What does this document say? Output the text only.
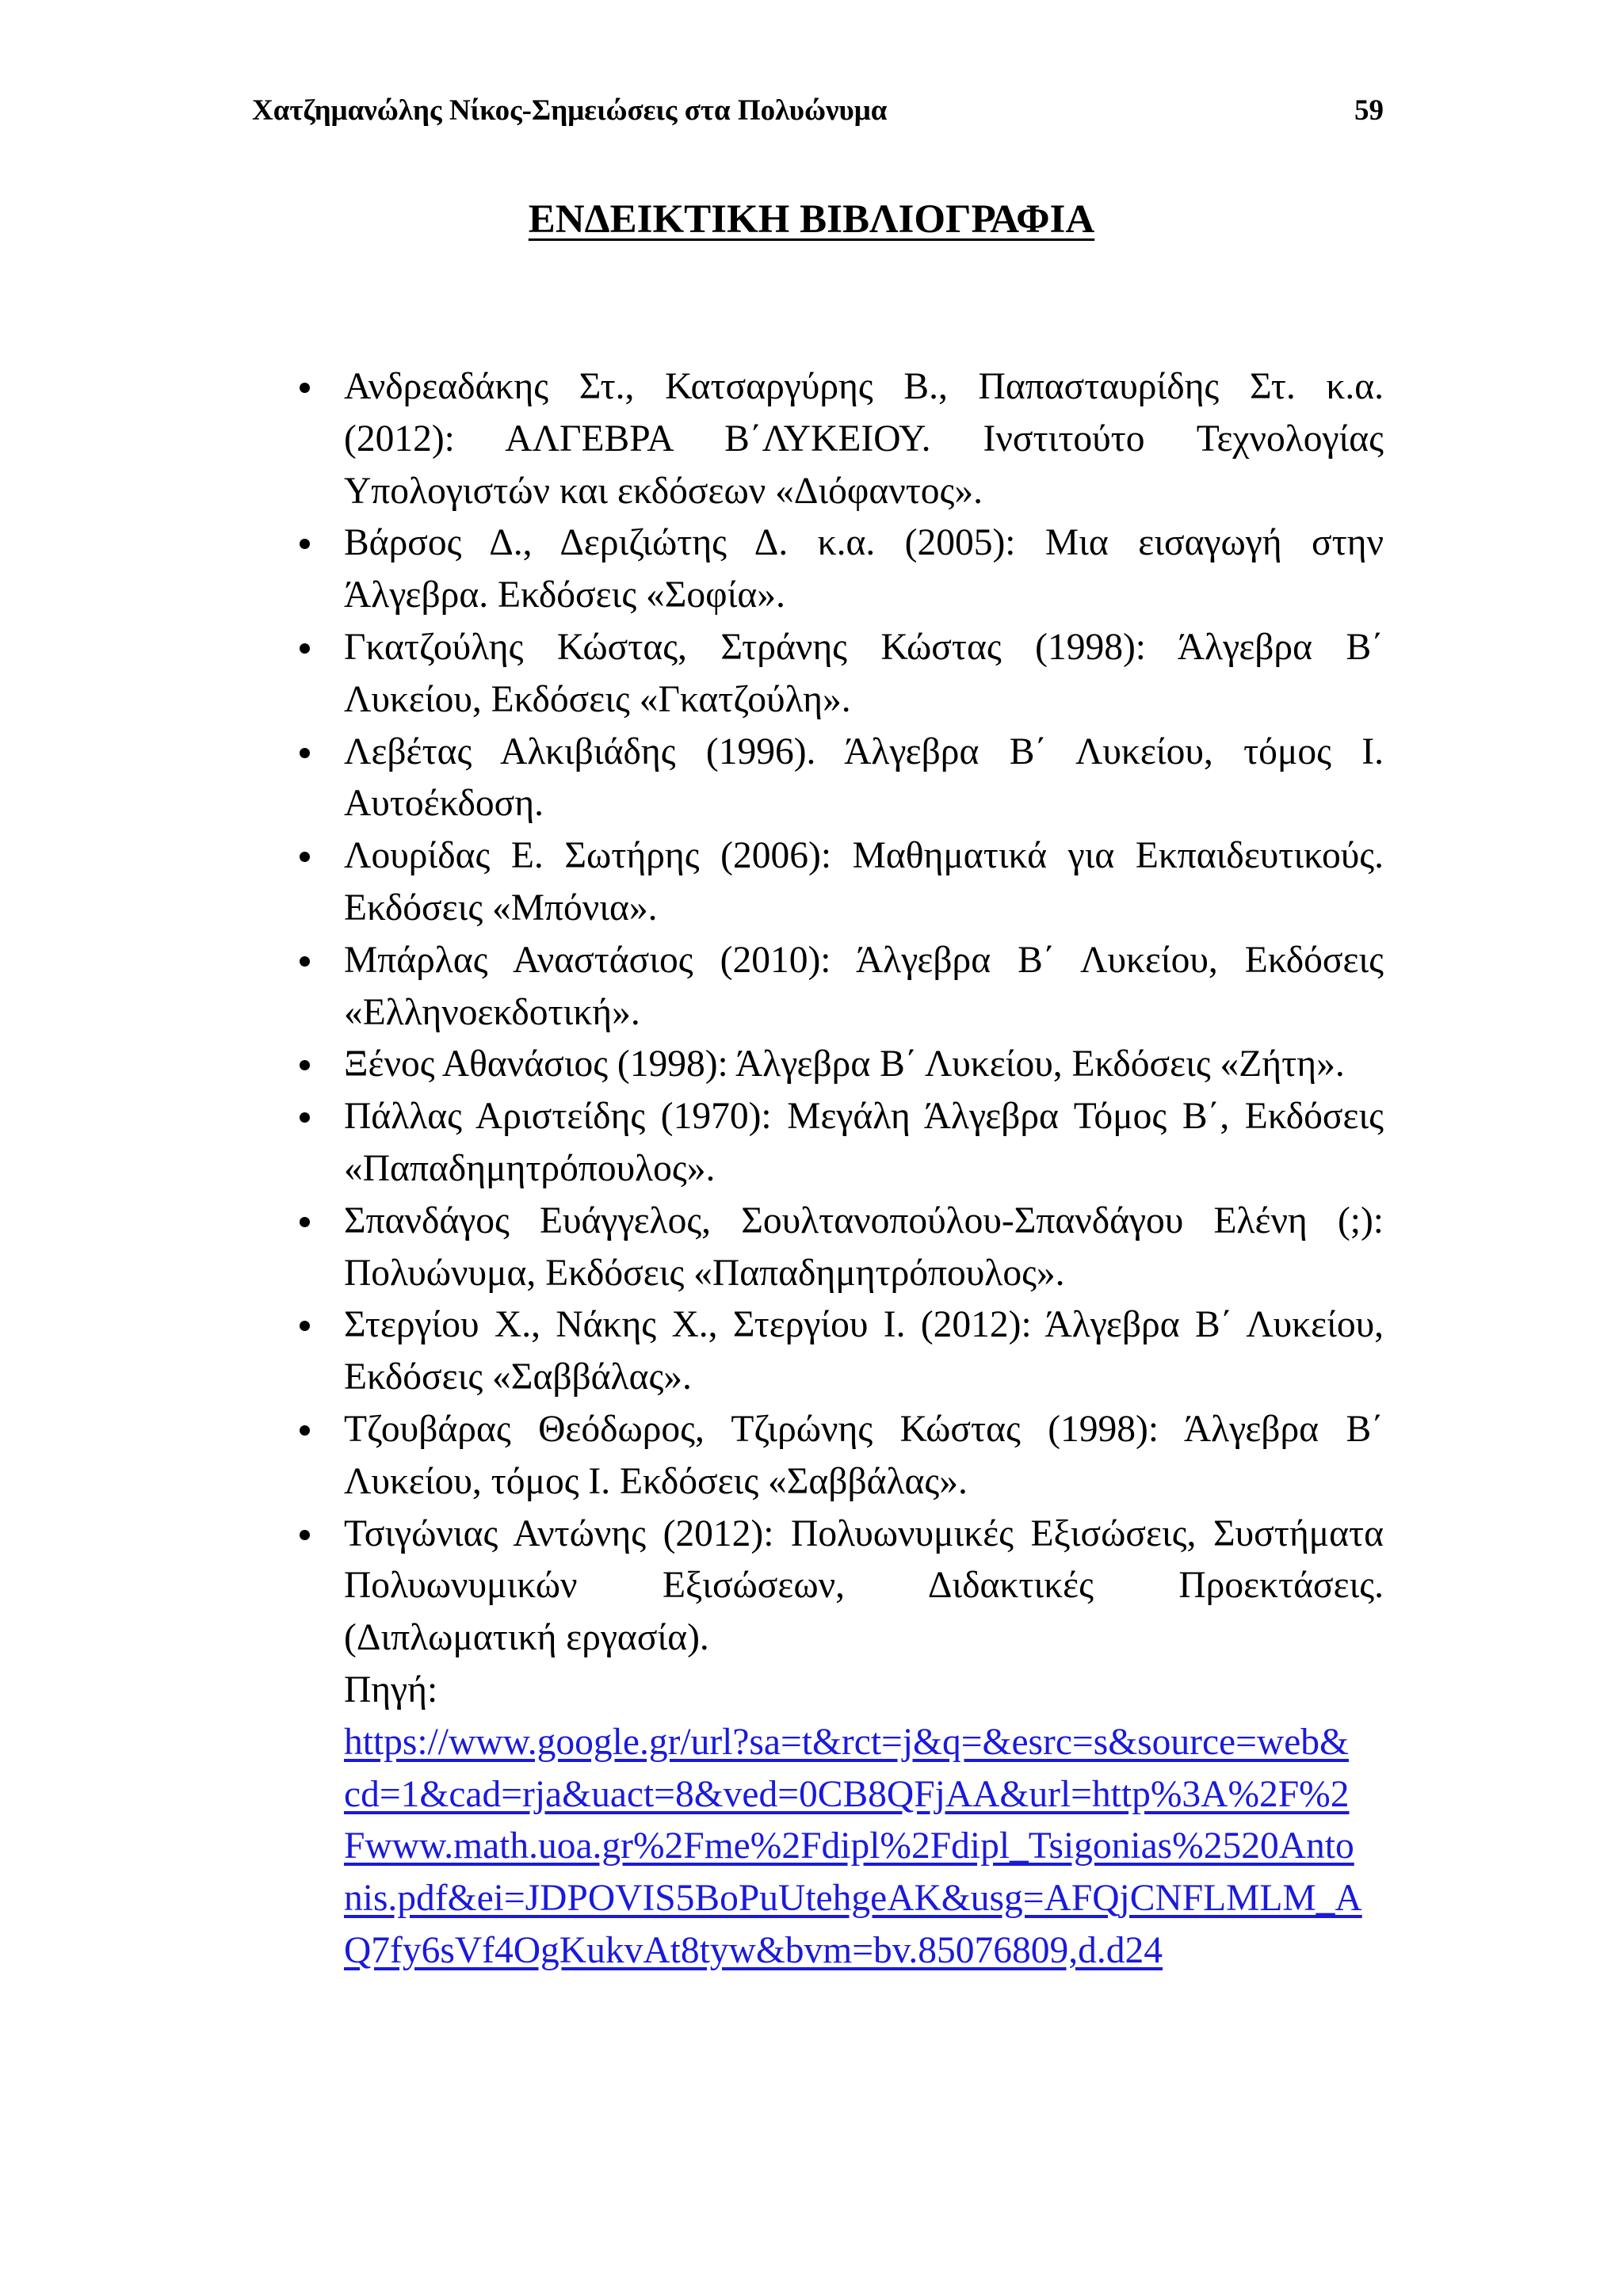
Χατζημανώλης Νίκος-Σημειώσεις στα Πολυώνυμα	59
ΕΝΔΕΙΚΤΙΚΗ ΒΙΒΛΙΟΓΡΑΦΙΑ
Ανδρεαδάκης Στ., Κατσαργύρης Β., Παπασταυρίδης Στ. κ.α.
(2012): ΑΛΓΕΒΡΑ Β΄ΛΥΚΕΙΟΥ. Ινστιτούτο Τεχνολογίας
Υπολογιστών και εκδόσεων «Διόφαντος».
Βάρσος Δ., Δεριζιώτης Δ. κ.α. (2005): Μια εισαγωγή στην
Άλγεβρα. Εκδόσεις «Σοφία».
Γκατζούλης Κώστας, Στράνης Κώστας (1998): Άλγεβρα Β΄
Λυκείου, Εκδόσεις «Γκατζούλη».
Λεβέτας Αλκιβιάδης (1996). Άλγεβρα Β΄ Λυκείου, τόμος Ι.
Αυτοέκδοση.
Λουρίδας Ε. Σωτήρης (2006): Μαθηματικά για Εκπαιδευτικούς.
Εκδόσεις «Μπόνια».
Μπάρλας Αναστάσιος (2010): Άλγεβρα Β΄ Λυκείου, Εκδόσεις
«Ελληνοεκδοτική».
Ξένος Αθανάσιος (1998): Άλγεβρα Β΄ Λυκείου, Εκδόσεις «Ζήτη».
Πάλλας Αριστείδης (1970): Μεγάλη Άλγεβρα Τόμος Β΄, Εκδόσεις
«Παπαδημητρόπουλος».
Σπανδάγος Ευάγγελος, Σουλτανοπούλου-Σπανδάγου Ελένη (;):
Πολυώνυμα, Εκδόσεις «Παπαδημητρόπουλος».
Στεργίου Χ., Νάκης Χ., Στεργίου Ι. (2012): Άλγεβρα Β΄ Λυκείου,
Εκδόσεις «Σαββάλας».
Τζουβάρας Θεόδωρος, Τζιρώνης Κώστας (1998): Άλγεβρα Β΄
Λυκείου, τόμος Ι. Εκδόσεις «Σαββάλας».
Τσιγώνιας Αντώνης (2012): Πολυωνυμικές Εξισώσεις, Συστήματα
Πολυωνυμικών Εξισώσεων, Διδακτικές Προεκτάσεις.
(Διπλωματική εργασία).
Πηγή:
https://www.google.gr/url?sa=t&rct=j&q=&esrc=s&source=web&
cd=1&cad=rja&uact=8&ved=0CB8QFjAA&url=http%3A%2F%2
Fwww.math.uoa.gr%2Fme%2Fdipl%2Fdipl_Tsigonias%2520Anto
nis.pdf&ei=JDPOVIS5BoPuUtehgeAK&usg=AFQjCNFLMLM_A
Q7fy6sVf4OgKukvAt8tyw&bvm=bv.85076809,d.d24
